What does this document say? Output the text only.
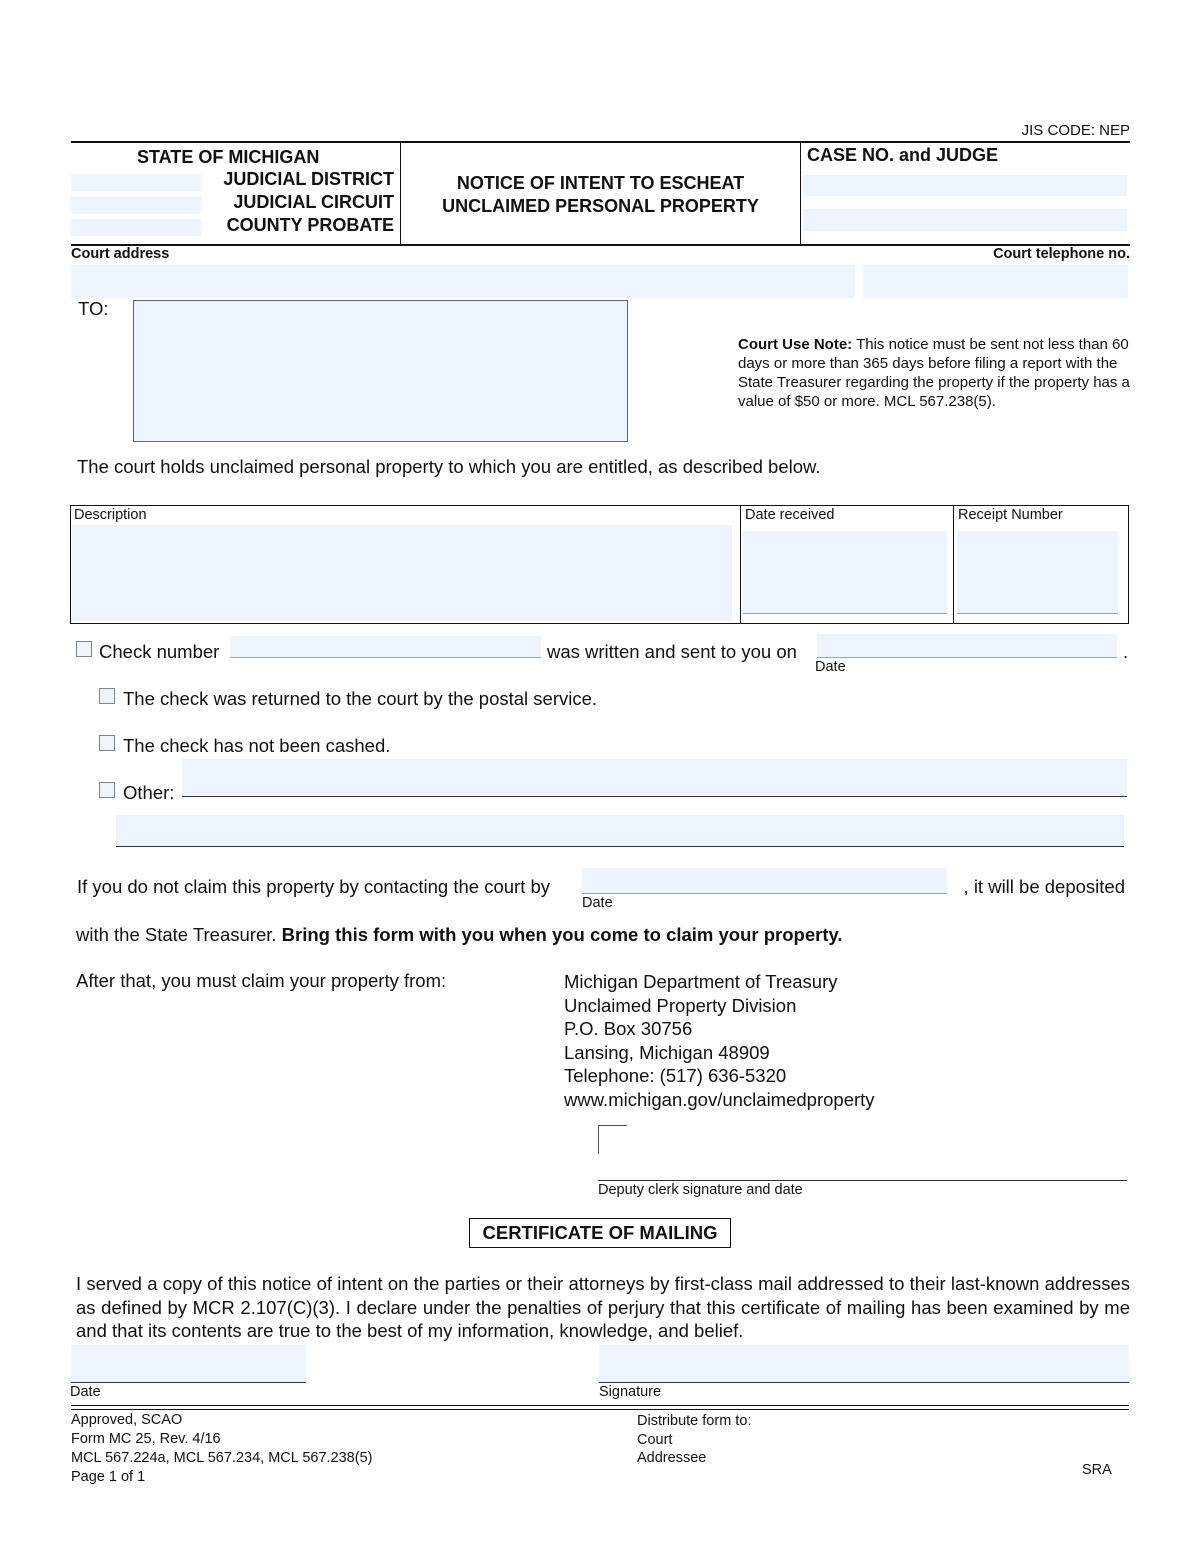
JIS CODE: NEP
STATE OF MICHIGAN
JUDICIAL DISTRICT
JUDICIAL CIRCUIT
COUNTY PROBATE
NOTICE OF INTENT TO ESCHEAT
UNCLAIMED PERSONAL PROPERTY
CASE NO. and JUDGE
Court address	Court telephone no.
TO:
Court Use Note: This notice must be sent not less than 60 days or more than 365 days before filing a report with the State Treasurer regarding the property if the property has a value of $50 or more. MCL 567.238(5).
The court holds unclaimed personal property to which you are entitled, as described below.
Description	Date received	Receipt Number
Check number	was written and sent to you on
Date
.
The check was returned to the court by the postal service.
The check has not been cashed.
Other:
If you do not claim this property by contacting the court by
Date
, it will be deposited
with the State Treasurer. Bring this form with you when you come to claim your property.
After that, you must claim your property from:	Michigan Department of Treasury
Unclaimed Property Division
P.O. Box 30756
Lansing, Michigan 48909
Telephone: (517) 636-5320
www.michigan.gov/unclaimedproperty
Deputy clerk signature and date
CERTIFICATE OF MAILING
I served a copy of this notice of intent on the parties or their attorneys by first-class mail addressed to their last-known addresses as defined by MCR 2.107(C)(3). I declare under the penalties of perjury that this certificate of mailing has been examined by me and that its contents are true to the best of my information, knowledge, and belief.
Date	Signature
Approved, SCAO
Form MC 25, Rev. 4/16
MCL 567.224a, MCL 567.234, MCL 567.238(5)
Page 1 of 1
Distribute form to:
Court
Addressee
SRA
